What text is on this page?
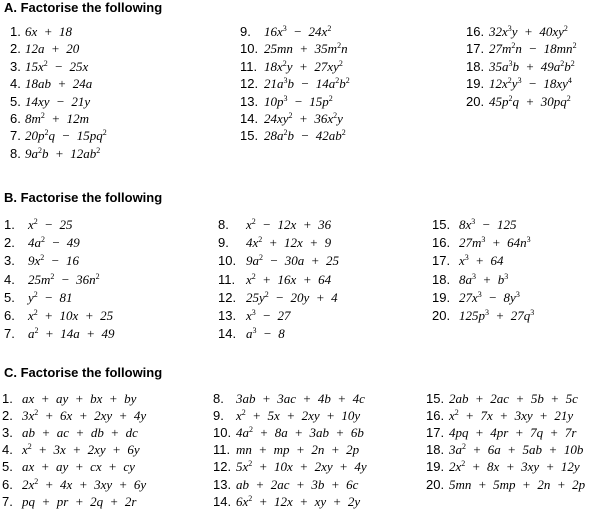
A. Factorise the following
1. 6x + 18
2. 12a + 20
3. $15x^2$ − 25x
4. 18ab + 24a
5. 14xy − 21y
6. $8m^2$ + 12m
7. $20p^2q$ − $15pq^2$
8. $9a^2b$ + $12ab^2$
9. $16x^3$ − $24x^2$
10. 25mn + $35m^2n$
11. $18x^2y$ + $27xy^2$
12. $21a^3b$ − $14a^2b^2$
13. $10p^3$ − $15p^2$
14. $24xy^2$ + $36x^2y$
15. $28a^2b$ − $42ab^2$
16. $32x^3y$ + $40xy^2$
17. $27m^2n$ − $18mn^2$
18. $35a^3b$ + $49a^2b^2$
19. $12x^2y^3$ − $18xy^4$
20. $45p^2q$ + $30pq^2$
B. Factorise the following
1. $x^2$ − 25
2. $4a^2$ − 49
3. $9x^2$ − 16
4. $25m^2$ − $36n^2$
5. $y^2$ − 81
6. $x^2$ + 10x + 25
7. $a^2$ + 14a + 49
8. $x^2$ − 12x + 36
9. $4x^2$ + 12x + 9
10. $9a^2$ − 30a + 25
11. $x^2$ + 16x + 64
12. $25y^2$ − 20y + 4
13. $x^3$ − 27
14. $a^3$ − 8
15. $8x^3$ − 125
16. $27m^3$ + $64n^3$
17. $x^3$ + 64
18. $8a^3$ + $b^3$
19. $27x^3$ − $8y^3$
20. $125p^3$ + $27q^3$
C. Factorise the following
1. ax + ay + bx + by
2. $3x^2$ + 6x + 2xy + 4y
3. ab + ac + db + dc
4. $x^2$ + 3x + 2xy + 6y
5. ax + ay + cx + cy
6. $2x^2$ + 4x + 3xy + 6y
7. pq + pr + 2q + 2r
8. 3ab + 3ac + 4b + 4c
9. $x^2$ + 5x + 2xy + 10y
10. $4a^2$ + 8a + 3ab + 6b
11. mn + mp + 2n + 2p
12. $5x^2$ + 10x + 2xy + 4y
13. ab + 2ac + 3b + 6c
14. $6x^2$ + 12x + xy + 2y
15. 2ab + 2ac + 5b + 5c
16. $x^2$ + 7x + 3xy + 21y
17. 4pq + 4pr + 7q + 7r
18. $3a^2$ + 6a + 5ab + 10b
19. $2x^2$ + 8x + 3xy + 12y
20. 5mn + 5mp + 2n + 2p
